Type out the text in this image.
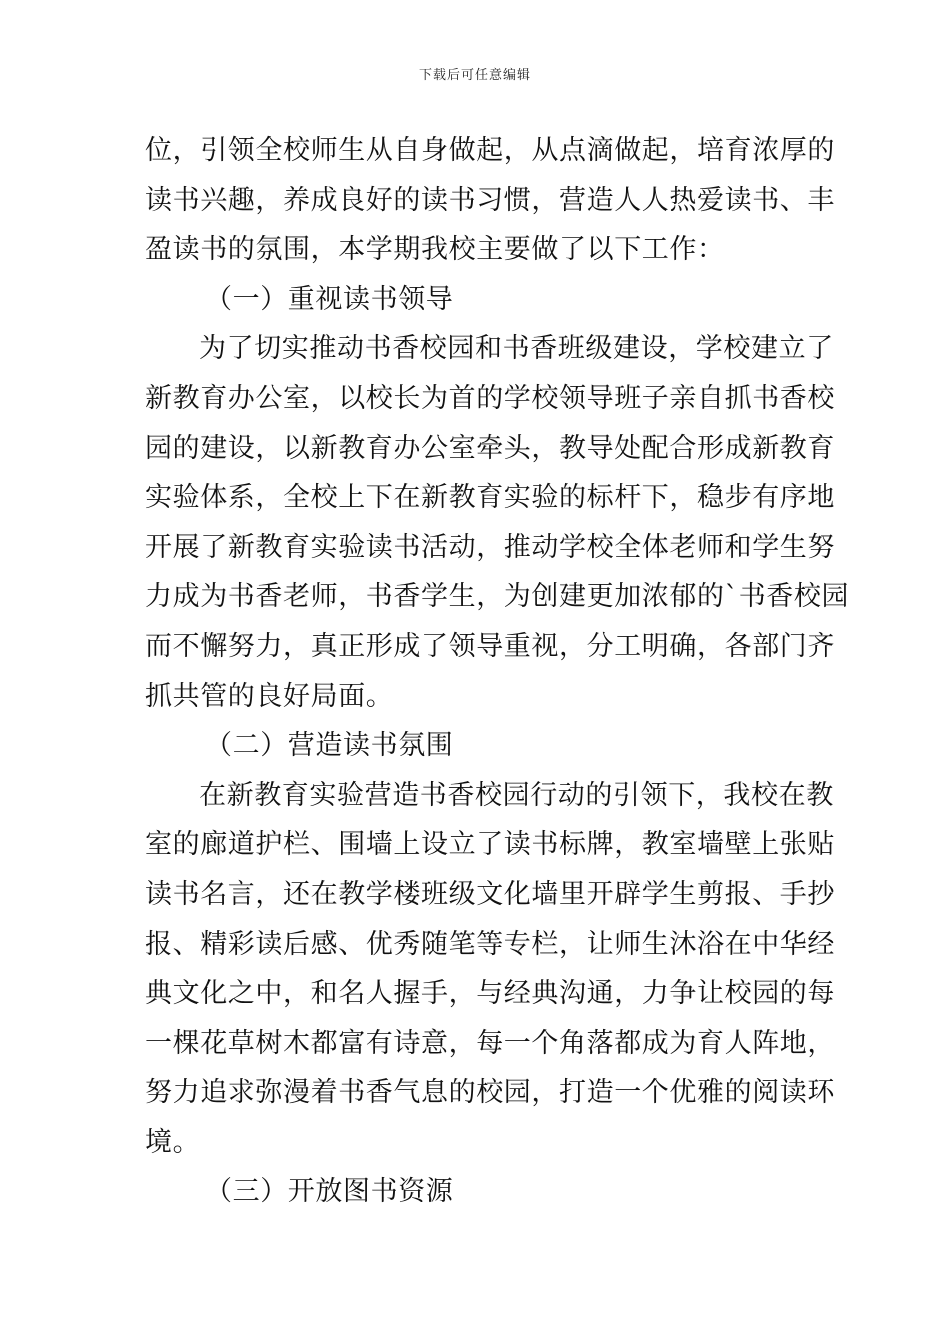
下载后可任意编辑
位，引领全校师生从自身做起，从点滴做起，培育浓厚的
读书兴趣，养成良好的读书习惯，营造人人热爱读书、丰
盈读书的氛围，本学期我校主要做了以下工作：
（一）重视读书领导
为了切实推动书香校园和书香班级建设，学校建立了
新教育办公室，以校长为首的学校领导班子亲自抓书香校
园的建设，以新教育办公室牵头，教导处配合形成新教育
实验体系，全校上下在新教育实验的标杆下，稳步有序地
开展了新教育实验读书活动，推动学校全体老师和学生努
力成为书香老师，书香学生，为创建更加浓郁的`书香校园
而不懈努力，真正形成了领导重视，分工明确，各部门齐
抓共管的良好局面。
（二）营造读书氛围
在新教育实验营造书香校园行动的引领下，我校在教
室的廊道护栏、围墙上设立了读书标牌，教室墙壁上张贴
读书名言，还在教学楼班级文化墙里开辟学生剪报、手抄
报、精彩读后感、优秀随笔等专栏，让师生沐浴在中华经
典文化之中，和名人握手，与经典沟通，力争让校园的每
一棵花草树木都富有诗意，每一个角落都成为育人阵地，
努力追求弥漫着书香气息的校园，打造一个优雅的阅读环
境。
（三）开放图书资源
